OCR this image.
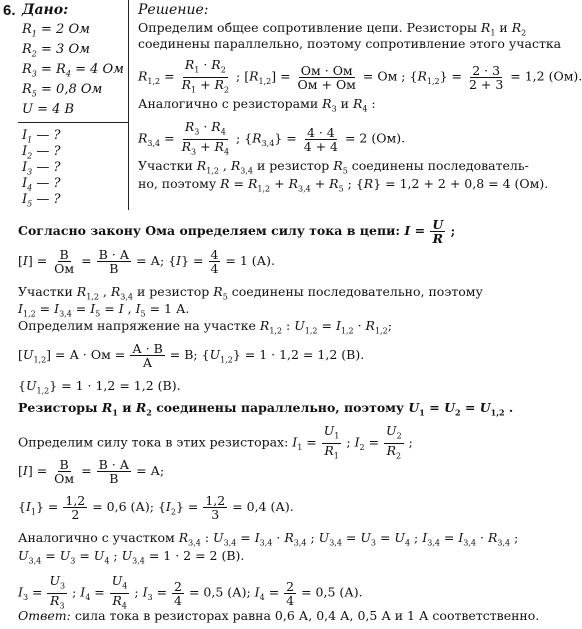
6. Дано:
$R_1 = 2$ Ом
$R_2 = 3$ Ом
$R_3 = R_4 = 4$ Ом
$R_5 = 0,8$ Ом
U = 4 В
$I_1$ — ?
$I_2$ — ?
$I_3$ — ?
$I_4$ — ?
$I_5$ — ?
Решение:
Определим общее сопротивление цепи. Резисторы $R_1$ и $R_2$
соединены параллельно, поэтому сопротивление этого участка
$R_{1,2} = \frac{R_1 \cdot R_2}{R_1 + R_2}$ ; $[R_{1,2}] = \frac{Ом \cdot Ом}{Ом + Ом}$ = Ом ; $\{R_{1,2}\} = \frac{2 \cdot 3}{2 + 3} = 1,2$ (Ом).
Аналогично с резисторами $R_3$ и $R_4$ :
$R_{3,4} = \frac{R_3 \cdot R_4}{R_3 + R_4}$ ; $\{R_{3,4}\} = \frac{4 \cdot 4}{4 + 4} = 2$ (Ом).
Участки $R_{1,2}$ , $R_{3,4}$ и резистор $R_5$ соединены последователь-
но, поэтому $R = R_{1,2} + R_{3,4} + R_5$ ; {R} = 1,2 + 2 + 0,8 = 4 (Ом).
Согласно закону Ома определяем силу тока в цепи: $I = \frac{U}{R}$ ;
$[I] = \frac{В}{Ом} = \frac{В \cdot А}{В} = А$; $\{I\} = \frac{4}{4} = 1$ (А).
Участки $R_{1,2}$ , $R_{3,4}$ и резистор $R_5$ соединены последовательно, поэтому
$I_{1,2} = I_{3,4} = I_5 = I$ , $I_5 = 1$ А.
Определим напряжение на участке $R_{1,2}$ : $U_{1,2} = I_{1,2} \cdot R_{1,2}$;
$[U_{1,2}] = А$ · Ом = $\frac{А \cdot В}{А} = В$; $\{U_{1,2}\} = 1 \cdot 1,2 = 1,2$ (В).
$\{U_{1,2}\} = 1 \cdot 1,2 = 1,2$ (В).
Резисторы $R_1$ и $R_2$ соединены параллельно, поэтому $U_1 = U_2 = U_{1,2}$ .
Определим силу тока в этих резисторах: $I_1 = \frac{U_1}{R_1}$ ; $I_2 = \frac{U_2}{R_2}$ ;
$[I] = \frac{В}{Ом} = \frac{В \cdot А}{В} = А$;
$\{I_1\} = \frac{1,2}{2} = 0,6$ (А); $\{I_2\} = \frac{1,2}{3} = 0,4$ (А).
Аналогично с участком $R_{3,4}$ : $U_{3,4} = I_{3,4} \cdot R_{3,4}$ ; $U_{3,4} = U_3 = U_4$ ; $I_{3,4} = I_{3,4} \cdot R_{3,4}$ ;
$U_{3,4} = U_3 = U_4$ ; $U_{3,4} = 1 \cdot 2 = 2$ (В).
$I_3 = \frac{U_3}{R_3}$ ; $I_4 = \frac{U_4}{R_4}$ ; $I_3 = \frac{2}{4} = 0,5$ (А); $I_4 = \frac{2}{4} = 0,5$ (А).
Ответ: сила тока в резисторах равна 0,6 А, 0,4 А, 0,5 А и 1 А соответственно.
